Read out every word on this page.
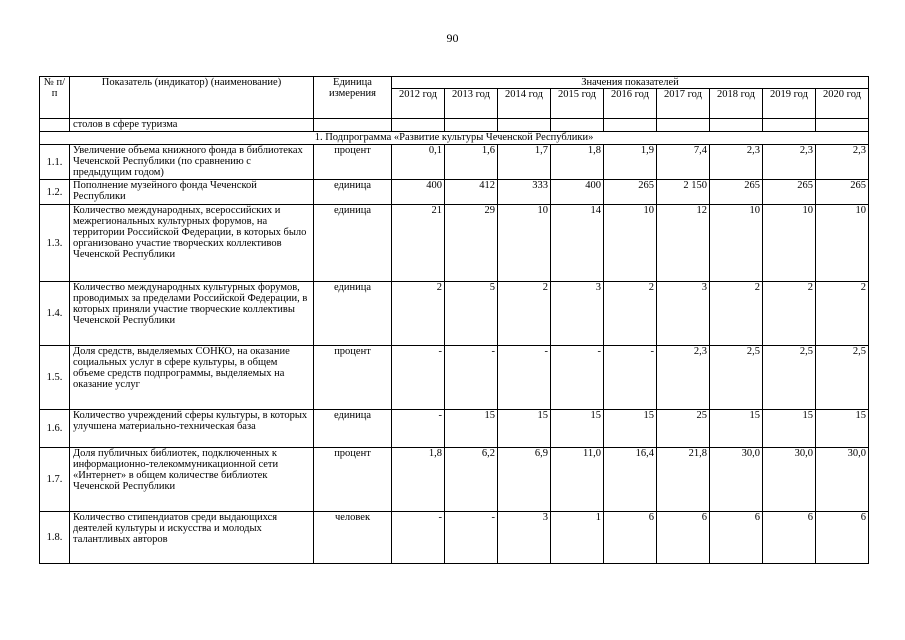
90
№ п/п	Показатель (индикатор) (наименование)	Единица измерения	Значения показателей								
			2012 год	2013 год	2014 год	2015 год	2016 год	2017 год	2018 год	2019 год	2020 год
	столов в сфере туризма										
1. Подпрограмма «Развитие культуры Чеченской Республики»											
1.1.	Увеличение объема книжного фонда в библиотеках Чеченской Республики (по сравнению с предыдущим годом)	процент	0,1	1,6	1,7	1,8	1,9	7,4	2,3	2,3	2,3
1.2.	Пополнение музейного фонда Чеченской Республики	единица	400	412	333	400	265	2 150	265	265	265
1.3.	Количество международных, всероссийских и межрегиональных культурных форумов, на территории Российской Федерации, в которых было организовано участие творческих коллективов Чеченской Республики	единица	21	29	10	14	10	12	10	10	10
1.4.	Количество международных культурных форумов, проводимых за пределами Российской Федерации, в которых приняли участие творческие коллективы Чеченской Республики	единица	2	5	2	3	2	3	2	2	2
1.5.	Доля средств, выделяемых СОНКО, на оказание социальных услуг в сфере культуры, в общем объеме средств подпрограммы, выделяемых на оказание услуг	процент	-	-	-	-	-	2,3	2,5	2,5	2,5
1.6.	Количество учреждений сферы культуры, в которых улучшена материально-техническая база	единица	-	15	15	15	15	25	15	15	15
1.7.	Доля публичных библиотек, подключенных к информационно-телекоммуникационной сети «Интернет» в общем количестве библиотек Чеченской Республики	процент	1,8	6,2	6,9	11,0	16,4	21,8	30,0	30,0	30,0
1.8.	Количество стипендиатов среди выдающихся деятелей культуры и искусства и молодых талантливых авторов	человек	-	-	3	1	6	6	6	6	6
